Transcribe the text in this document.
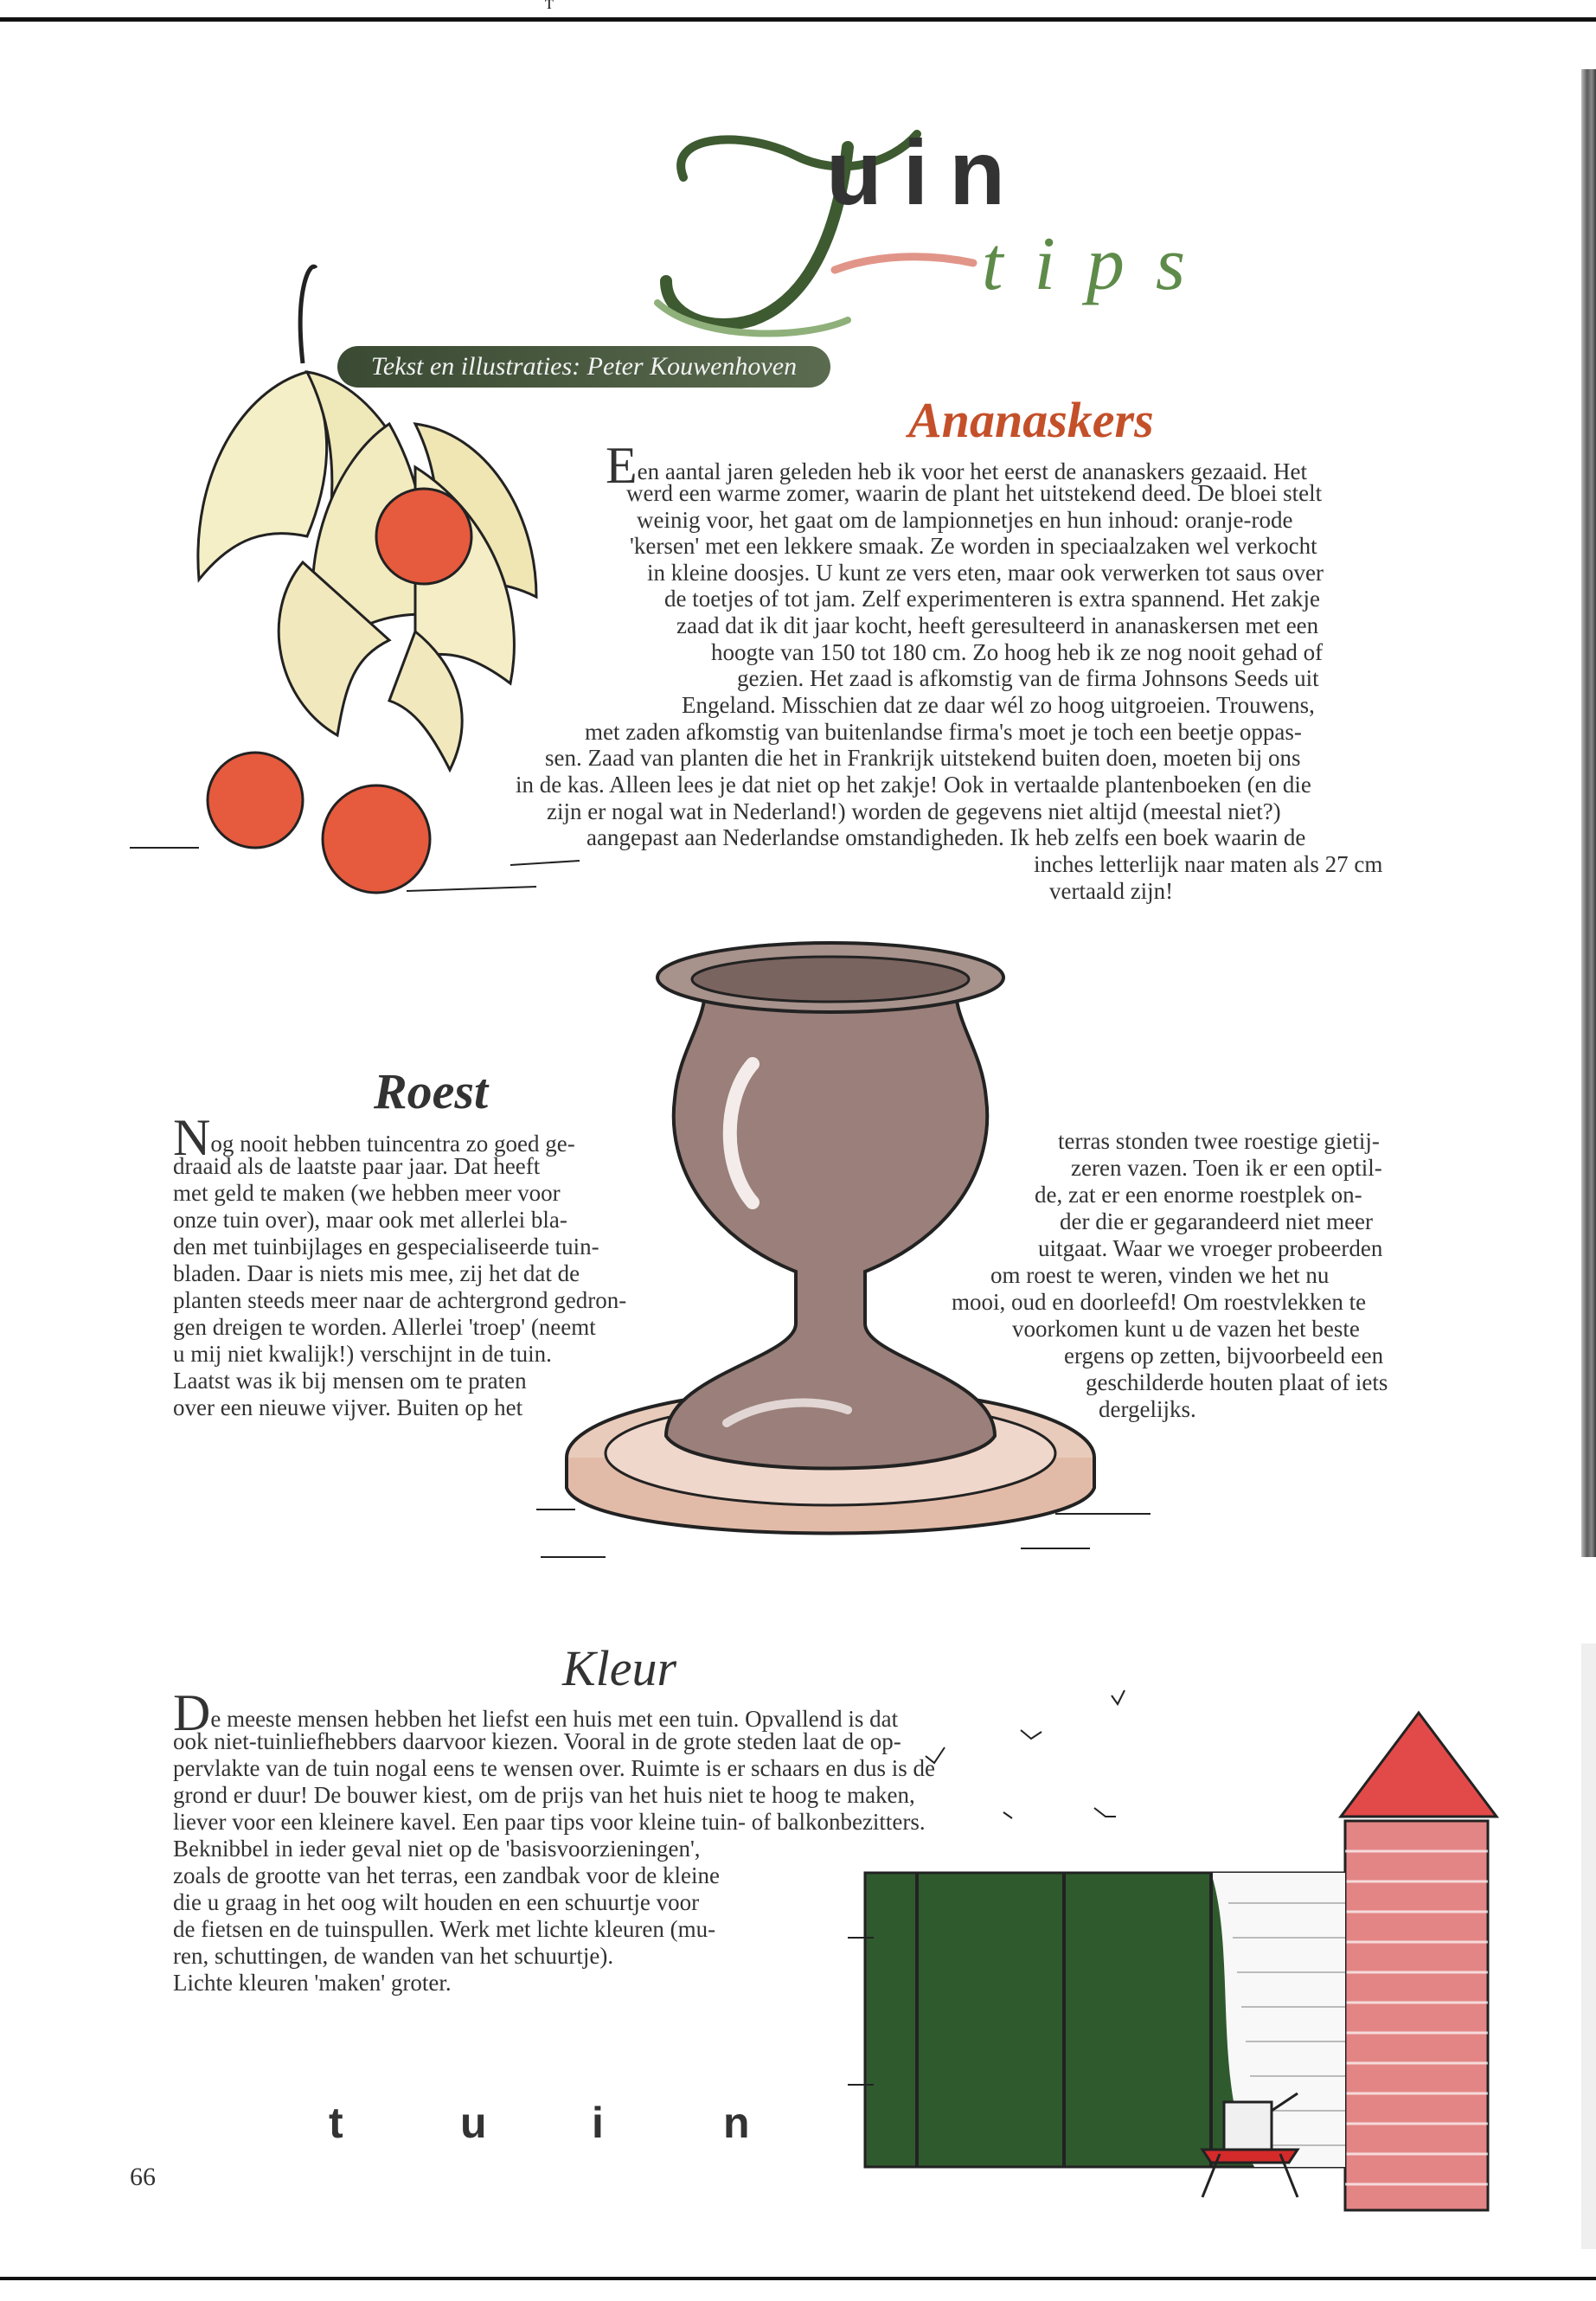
T
uin
tips
Tekst en illustraties: Peter Kouwenhoven
Ananaskers
Een aantal jaren geleden heb ik voor het eerst de ananaskers gezaaid. Het
werd een warme zomer, waarin de plant het uitstekend deed. De bloei stelt
weinig voor, het gaat om de lampionnetjes en hun inhoud: oranje-rode
'kersen' met een lekkere smaak. Ze worden in speciaalzaken wel verkocht
in kleine doosjes. U kunt ze vers eten, maar ook verwerken tot saus over
de toetjes of tot jam. Zelf experimenteren is extra spannend. Het zakje
zaad dat ik dit jaar kocht, heeft geresulteerd in ananaskersen met een
hoogte van 150 tot 180 cm. Zo hoog heb ik ze nog nooit gehad of
gezien. Het zaad is afkomstig van de firma Johnsons Seeds uit
Engeland. Misschien dat ze daar wél zo hoog uitgroeien. Trouwens,
met zaden afkomstig van buitenlandse firma's moet je toch een beetje oppas-
sen. Zaad van planten die het in Frankrijk uitstekend buiten doen, moeten bij ons
in de kas. Alleen lees je dat niet op het zakje! Ook in vertaalde plantenboeken (en die
zijn er nogal wat in Nederland!) worden de gegevens niet altijd (meestal niet?)
aangepast aan Nederlandse omstandigheden. Ik heb zelfs een boek waarin de
inches letterlijk naar maten als 27 cm
vertaald zijn!
Roest
Nog nooit hebben tuincentra zo goed ge-
draaid als de laatste paar jaar. Dat heeft
met geld te maken (we hebben meer voor
onze tuin over), maar ook met allerlei bla-
den met tuinbijlages en gespecialiseerde tuin-
bladen. Daar is niets mis mee, zij het dat de
planten steeds meer naar de achtergrond gedron-
gen dreigen te worden. Allerlei 'troep' (neemt
u mij niet kwalijk!) verschijnt in de tuin.
Laatst was ik bij mensen om te praten
over een nieuwe vijver. Buiten op het
terras stonden twee roestige gietij-
zeren vazen. Toen ik er een optil-
de, zat er een enorme roestplek on-
der die er gegarandeerd niet meer
uitgaat. Waar we vroeger probeerden
om roest te weren, vinden we het nu
mooi, oud en doorleefd! Om roestvlekken te
voorkomen kunt u de vazen het beste
ergens op zetten, bijvoorbeeld een
geschilderde houten plaat of iets
dergelijks.
Kleur
De meeste mensen hebben het liefst een huis met een tuin. Opvallend is dat
ook niet-tuinliefhebbers daarvoor kiezen. Vooral in de grote steden laat de op-
pervlakte van de tuin nogal eens te wensen over. Ruimte is er schaars en dus is de
grond er duur! De bouwer kiest, om de prijs van het huis niet te hoog te maken,
liever voor een kleinere kavel. Een paar tips voor kleine tuin- of balkonbezitters.
Beknibbel in ieder geval niet op de 'basisvoorzieningen',
zoals de grootte van het terras, een zandbak voor de kleine
die u graag in het oog wilt houden en een schuurtje voor
de fietsen en de tuinspullen. Werk met lichte kleuren (mu-
ren, schuttingen, de wanden van het schuurtje).
Lichte kleuren 'maken' groter.
t	u i	n
66
